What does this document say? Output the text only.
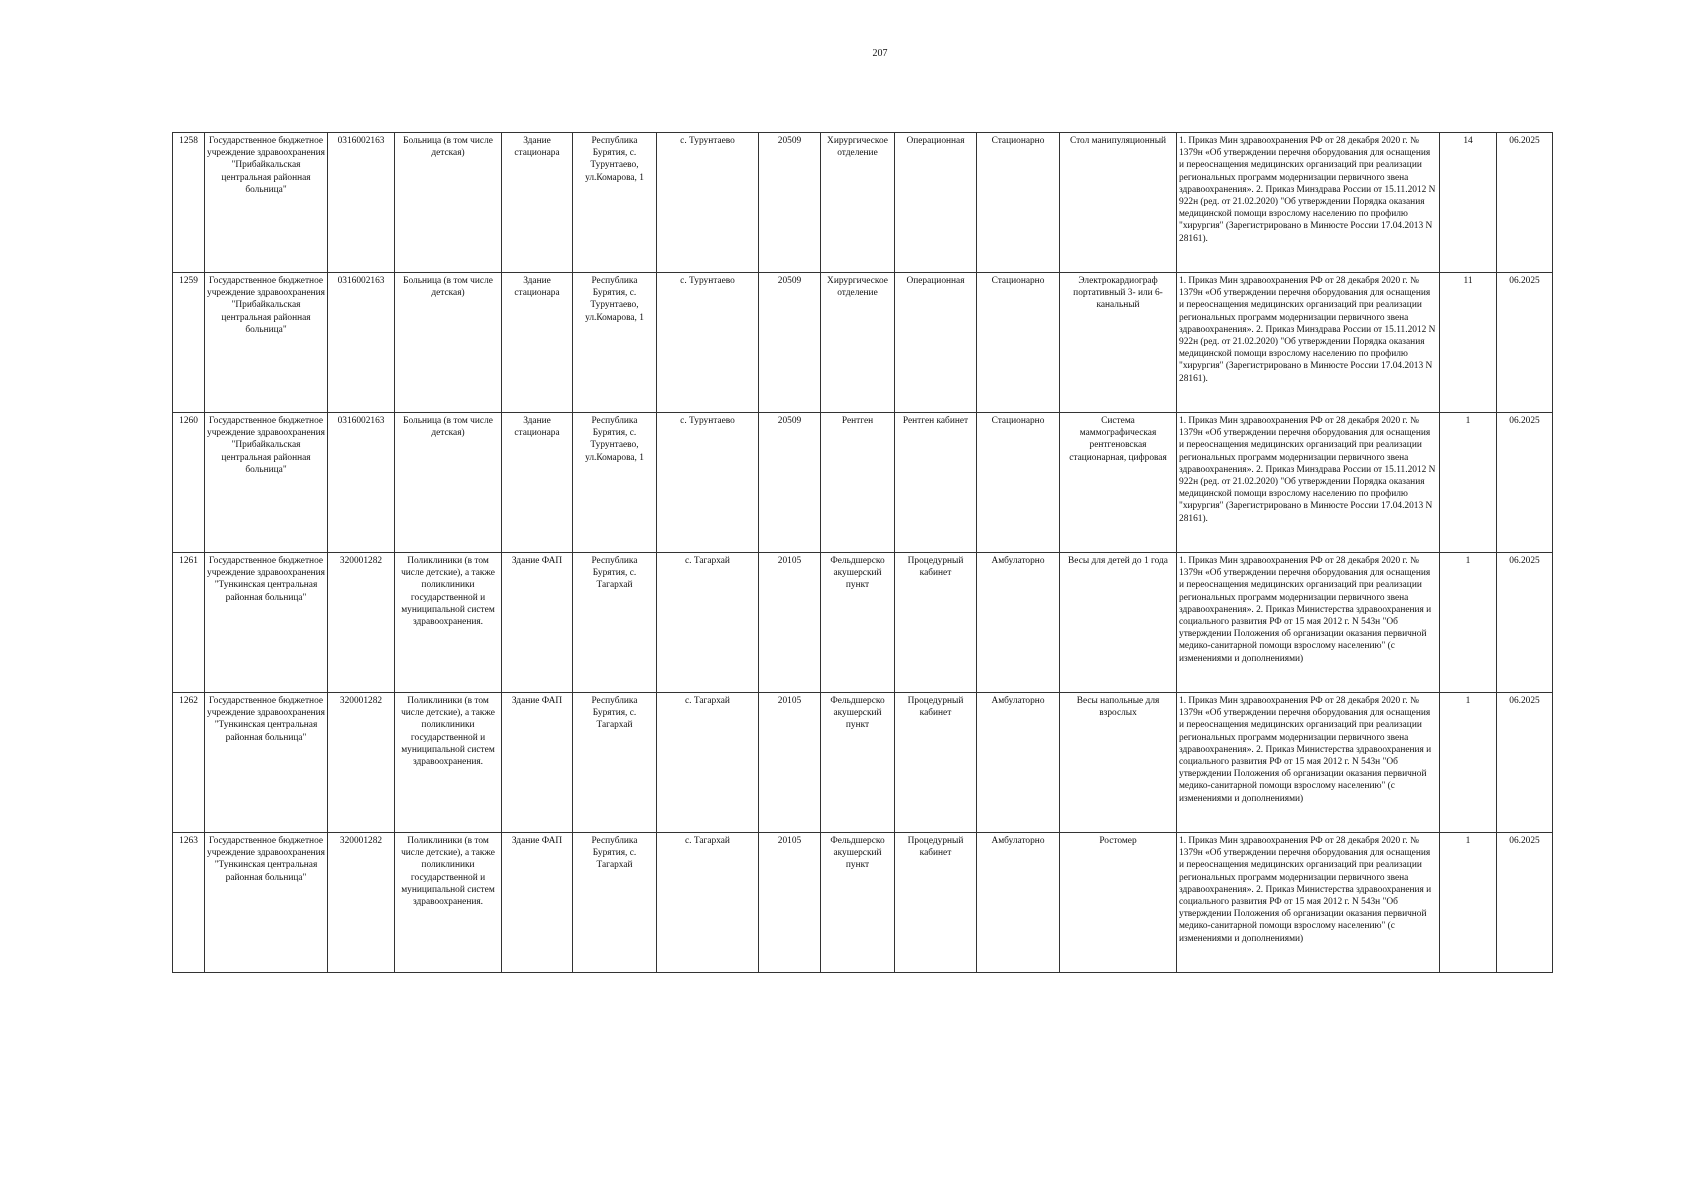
207
1258	Государственное бюджетное учреждение здравоохранения "Прибайкальская центральная районная больница"	0316002163	Больница (в том числе детская)	Здание стационара	Республика Бурятия, с. Турунтаево, ул.Комарова, 1	с. Турунтаево	20509	Хирургическое отделение	Операционная	Стационарно	Стол манипуляционный	1. Приказ Мин здравоохранения РФ от 28 декабря 2020 г. № 1379н «Об утверждении перечня оборудования для оснащения и переоснащения медицинских организаций при реализации региональных программ модернизации первичного звена здравоохранения». 2. Приказ Минздрава России от 15.11.2012 N 922н (ред. от 21.02.2020) "Об утверждении Порядка оказания медицинской помощи взрослому населению по профилю "хирургия" (Зарегистрировано в Минюсте России 17.04.2013 N 28161).	14	06.2025
1259	Государственное бюджетное учреждение здравоохранения "Прибайкальская центральная районная больница"	0316002163	Больница (в том числе детская)	Здание стационара	Республика Бурятия, с. Турунтаево, ул.Комарова, 1	с. Турунтаево	20509	Хирургическое отделение	Операционная	Стационарно	Электрокардиограф портативный 3- или 6-канальный	1. Приказ Мин здравоохранения РФ от 28 декабря 2020 г. № 1379н «Об утверждении перечня оборудования для оснащения и переоснащения медицинских организаций при реализации региональных программ модернизации первичного звена здравоохранения». 2. Приказ Минздрава России от 15.11.2012 N 922н (ред. от 21.02.2020) "Об утверждении Порядка оказания медицинской помощи взрослому населению по профилю "хирургия" (Зарегистрировано в Минюсте России 17.04.2013 N 28161).	11	06.2025
1260	Государственное бюджетное учреждение здравоохранения "Прибайкальская центральная районная больница"	0316002163	Больница (в том числе детская)	Здание стационара	Республика Бурятия, с. Турунтаево, ул.Комарова, 1	с. Турунтаево	20509	Рентген	Рентген кабинет	Стационарно	Система маммографическая рентгеновская стационарная, цифровая	1. Приказ Мин здравоохранения РФ от 28 декабря 2020 г. № 1379н «Об утверждении перечня оборудования для оснащения и переоснащения медицинских организаций при реализации региональных программ модернизации первичного звена здравоохранения». 2. Приказ Минздрава России от 15.11.2012 N 922н (ред. от 21.02.2020) "Об утверждении Порядка оказания медицинской помощи взрослому населению по профилю "хирургия" (Зарегистрировано в Минюсте России 17.04.2013 N 28161).	1	06.2025
1261	Государственное бюджетное учреждение здравоохранения "Тункинская центральная районная больница"	320001282	Поликлиники (в том числе детские), а также поликлиники государственной и муниципальной систем здравоохранения.	Здание ФАП	Республика Бурятия, с. Тагархай	с. Тагархай	20105	Фельдшерско акушерский пункт	Процедурный кабинет	Амбулаторно	Весы для детей до 1 года	1. Приказ Мин здравоохранения РФ от 28 декабря 2020 г. № 1379н «Об утверждении перечня оборудования для оснащения и переоснащения медицинских организаций при реализации региональных программ модернизации первичного звена здравоохранения». 2. Приказ Министерства здравоохранения и социального развития РФ от 15 мая 2012 г. N 543н "Об утверждении Положения об организации оказания первичной медико-санитарной помощи взрослому населению" (с изменениями и дополнениями)	1	06.2025
1262	Государственное бюджетное учреждение здравоохранения "Тункинская центральная районная больница"	320001282	Поликлиники (в том числе детские), а также поликлиники государственной и муниципальной систем здравоохранения.	Здание ФАП	Республика Бурятия, с. Тагархай	с. Тагархай	20105	Фельдшерско акушерский пункт	Процедурный кабинет	Амбулаторно	Весы напольные для взрослых	1. Приказ Мин здравоохранения РФ от 28 декабря 2020 г. № 1379н «Об утверждении перечня оборудования для оснащения и переоснащения медицинских организаций при реализации региональных программ модернизации первичного звена здравоохранения». 2. Приказ Министерства здравоохранения и социального развития РФ от 15 мая 2012 г. N 543н "Об утверждении Положения об организации оказания первичной медико-санитарной помощи взрослому населению" (с изменениями и дополнениями)	1	06.2025
1263	Государственное бюджетное учреждение здравоохранения "Тункинская центральная районная больница"	320001282	Поликлиники (в том числе детские), а также поликлиники государственной и муниципальной систем здравоохранения.	Здание ФАП	Республика Бурятия, с. Тагархай	с. Тагархай	20105	Фельдшерско акушерский пункт	Процедурный кабинет	Амбулаторно	Ростомер	1. Приказ Мин здравоохранения РФ от 28 декабря 2020 г. № 1379н «Об утверждении перечня оборудования для оснащения и переоснащения медицинских организаций при реализации региональных программ модернизации первичного звена здравоохранения». 2. Приказ Министерства здравоохранения и социального развития РФ от 15 мая 2012 г. N 543н "Об утверждении Положения об организации оказания первичной медико-санитарной помощи взрослому населению" (с изменениями и дополнениями)	1	06.2025
